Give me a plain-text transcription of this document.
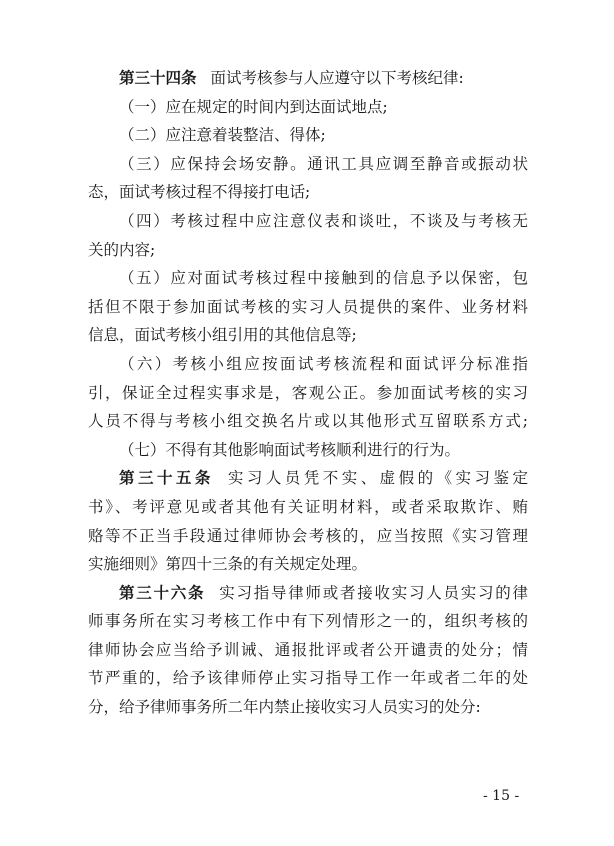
第三十四条 面试考核参与人应遵守以下考核纪律:
（一）应在规定的时间内到达面试地点;
（二）应注意着装整洁、得体;
（三）应保持会场安静。通讯工具应调至静音或振动状
态，面试考核过程不得接打电话;
（四）考核过程中应注意仪表和谈吐，不谈及与考核无
关的内容;
（五）应对面试考核过程中接触到的信息予以保密，包
括但不限于参加面试考核的实习人员提供的案件、业务材料
信息，面试考核小组引用的其他信息等;
（六）考核小组应按面试考核流程和面试评分标准指
引，保证全过程实事求是，客观公正。参加面试考核的实习
人员不得与考核小组交换名片或以其他形式互留联系方式;
（七）不得有其他影响面试考核顺利进行的行为。
第三十五条 实习人员凭不实、虚假的《实习鉴定
书》、考评意见或者其他有关证明材料，或者采取欺诈、贿
赂等不正当手段通过律师协会考核的，应当按照《实习管理
实施细则》第四十三条的有关规定处理。
第三十六条 实习指导律师或者接收实习人员实习的律
师事务所在实习考核工作中有下列情形之一的，组织考核的
律师协会应当给予训诫、通报批评或者公开谴责的处分；情
节严重的，给予该律师停止实习指导工作一年或者二年的处
分，给予律师事务所二年内禁止接收实习人员实习的处分:
- 15 -
